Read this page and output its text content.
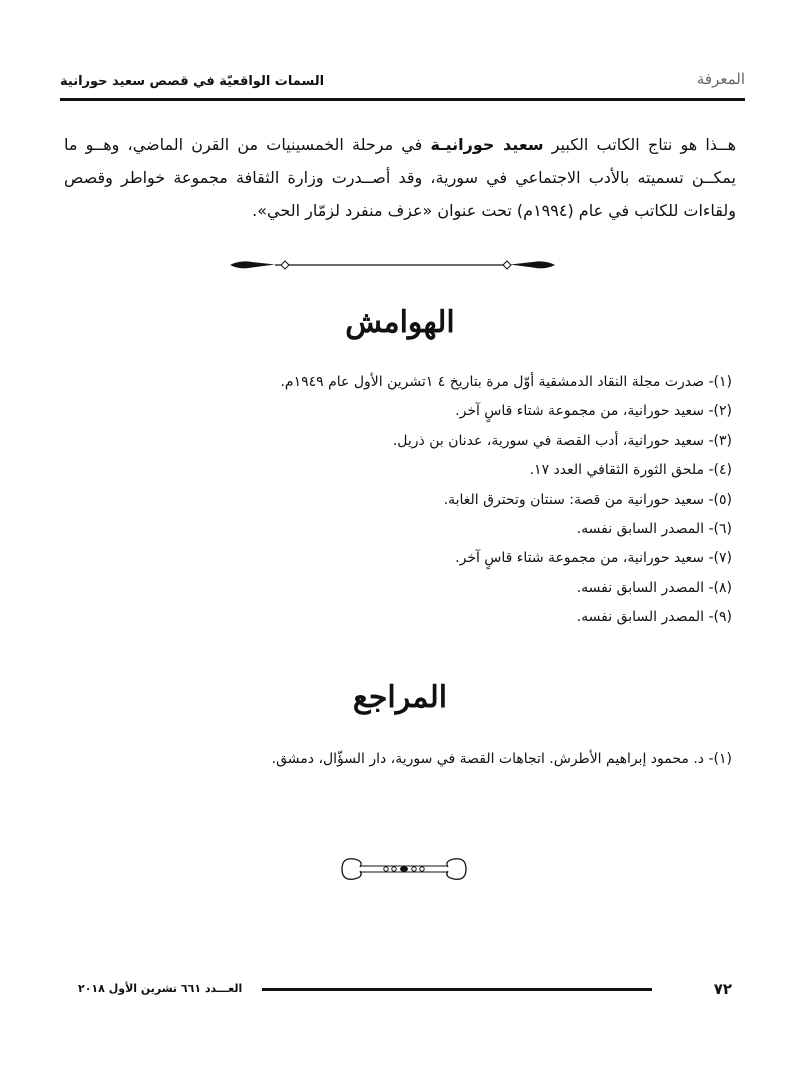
المعرفة
السمات الواقعيّة في قصص سعيد حورانية

هــذا هو نتاج الكاتب الكبير سعيد حورانيـة في مرحلة الخمسينيات من القرن الماضي، وهــو ما يمكــن تسميته بالأدب الاجتماعي في سورية، وقد أصــدرت وزارة الثقافة مجموعة خواطر وقصص ولقاءات للكاتب في عام (١٩٩٤م) تحت عنوان «عزف منفرد لزمّار الحي».

الهوامش
(١)- صدرت مجلة النقاد الدمشقية أوّل مرة بتاريخ ٤ ١تشرين الأول عام ١٩٤٩م.
(٢)- سعيد حورانية، من مجموعة شتاء قاسٍ آخر.
(٣)- سعيد حورانية، أدب القصة في سورية، عدنان بن ذريل.
(٤)- ملحق الثورة الثقافي العدد ١٧.
(٥)- سعيد حورانية من قصة: سنتان وتحترق الغابة.
(٦)- المصدر السابق نفسه.
(٧)- سعيد حورانية، من مجموعة شتاء قاسٍ آخر.
(٨)- المصدر السابق نفسه.
(٩)- المصدر السابق نفسه.
المراجع
(١)- د. محمود إبراهيم الأطرش. اتجاهات القصة في سورية، دار السؤّال، دمشق.
٧٢
العـــدد ٦٦١ تشرين الأول ٢٠١٨
